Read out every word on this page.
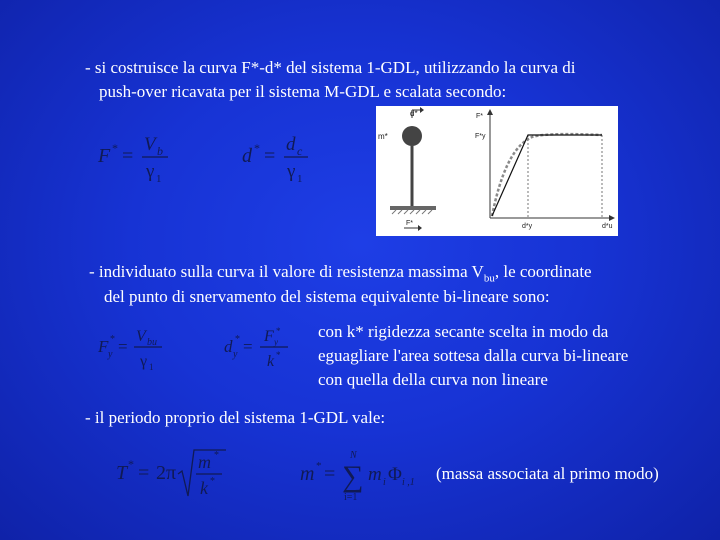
- si costruisce la curva F*-d* del sistema 1-GDL, utilizzando la curva di
push-over ricavata per il sistema M-GDL e scalata secondo:
F * =
V b
γ 1
d * =
d c
γ 1
d*
m*
F*
F*
F*y
d*y	d*u
- individuato sulla curva il valore di resistenza massima $V_{bu}$, le coordinate
del punto di snervamento del sistema equivalente bi-lineare sono:
F y
* =
V bu
γ 1
d y
* =
F y
*
k *
con k* rigidezza secante scelta in modo da
eguagliare l'area sottesa dalla curva bi-lineare
con quella della curva non lineare
- il periodo proprio del sistema 1-GDL vale:
T * = 2π m *
k *	m * =
N
∑
i=1
m i Φ i ,1 (massa associata al primo modo)
